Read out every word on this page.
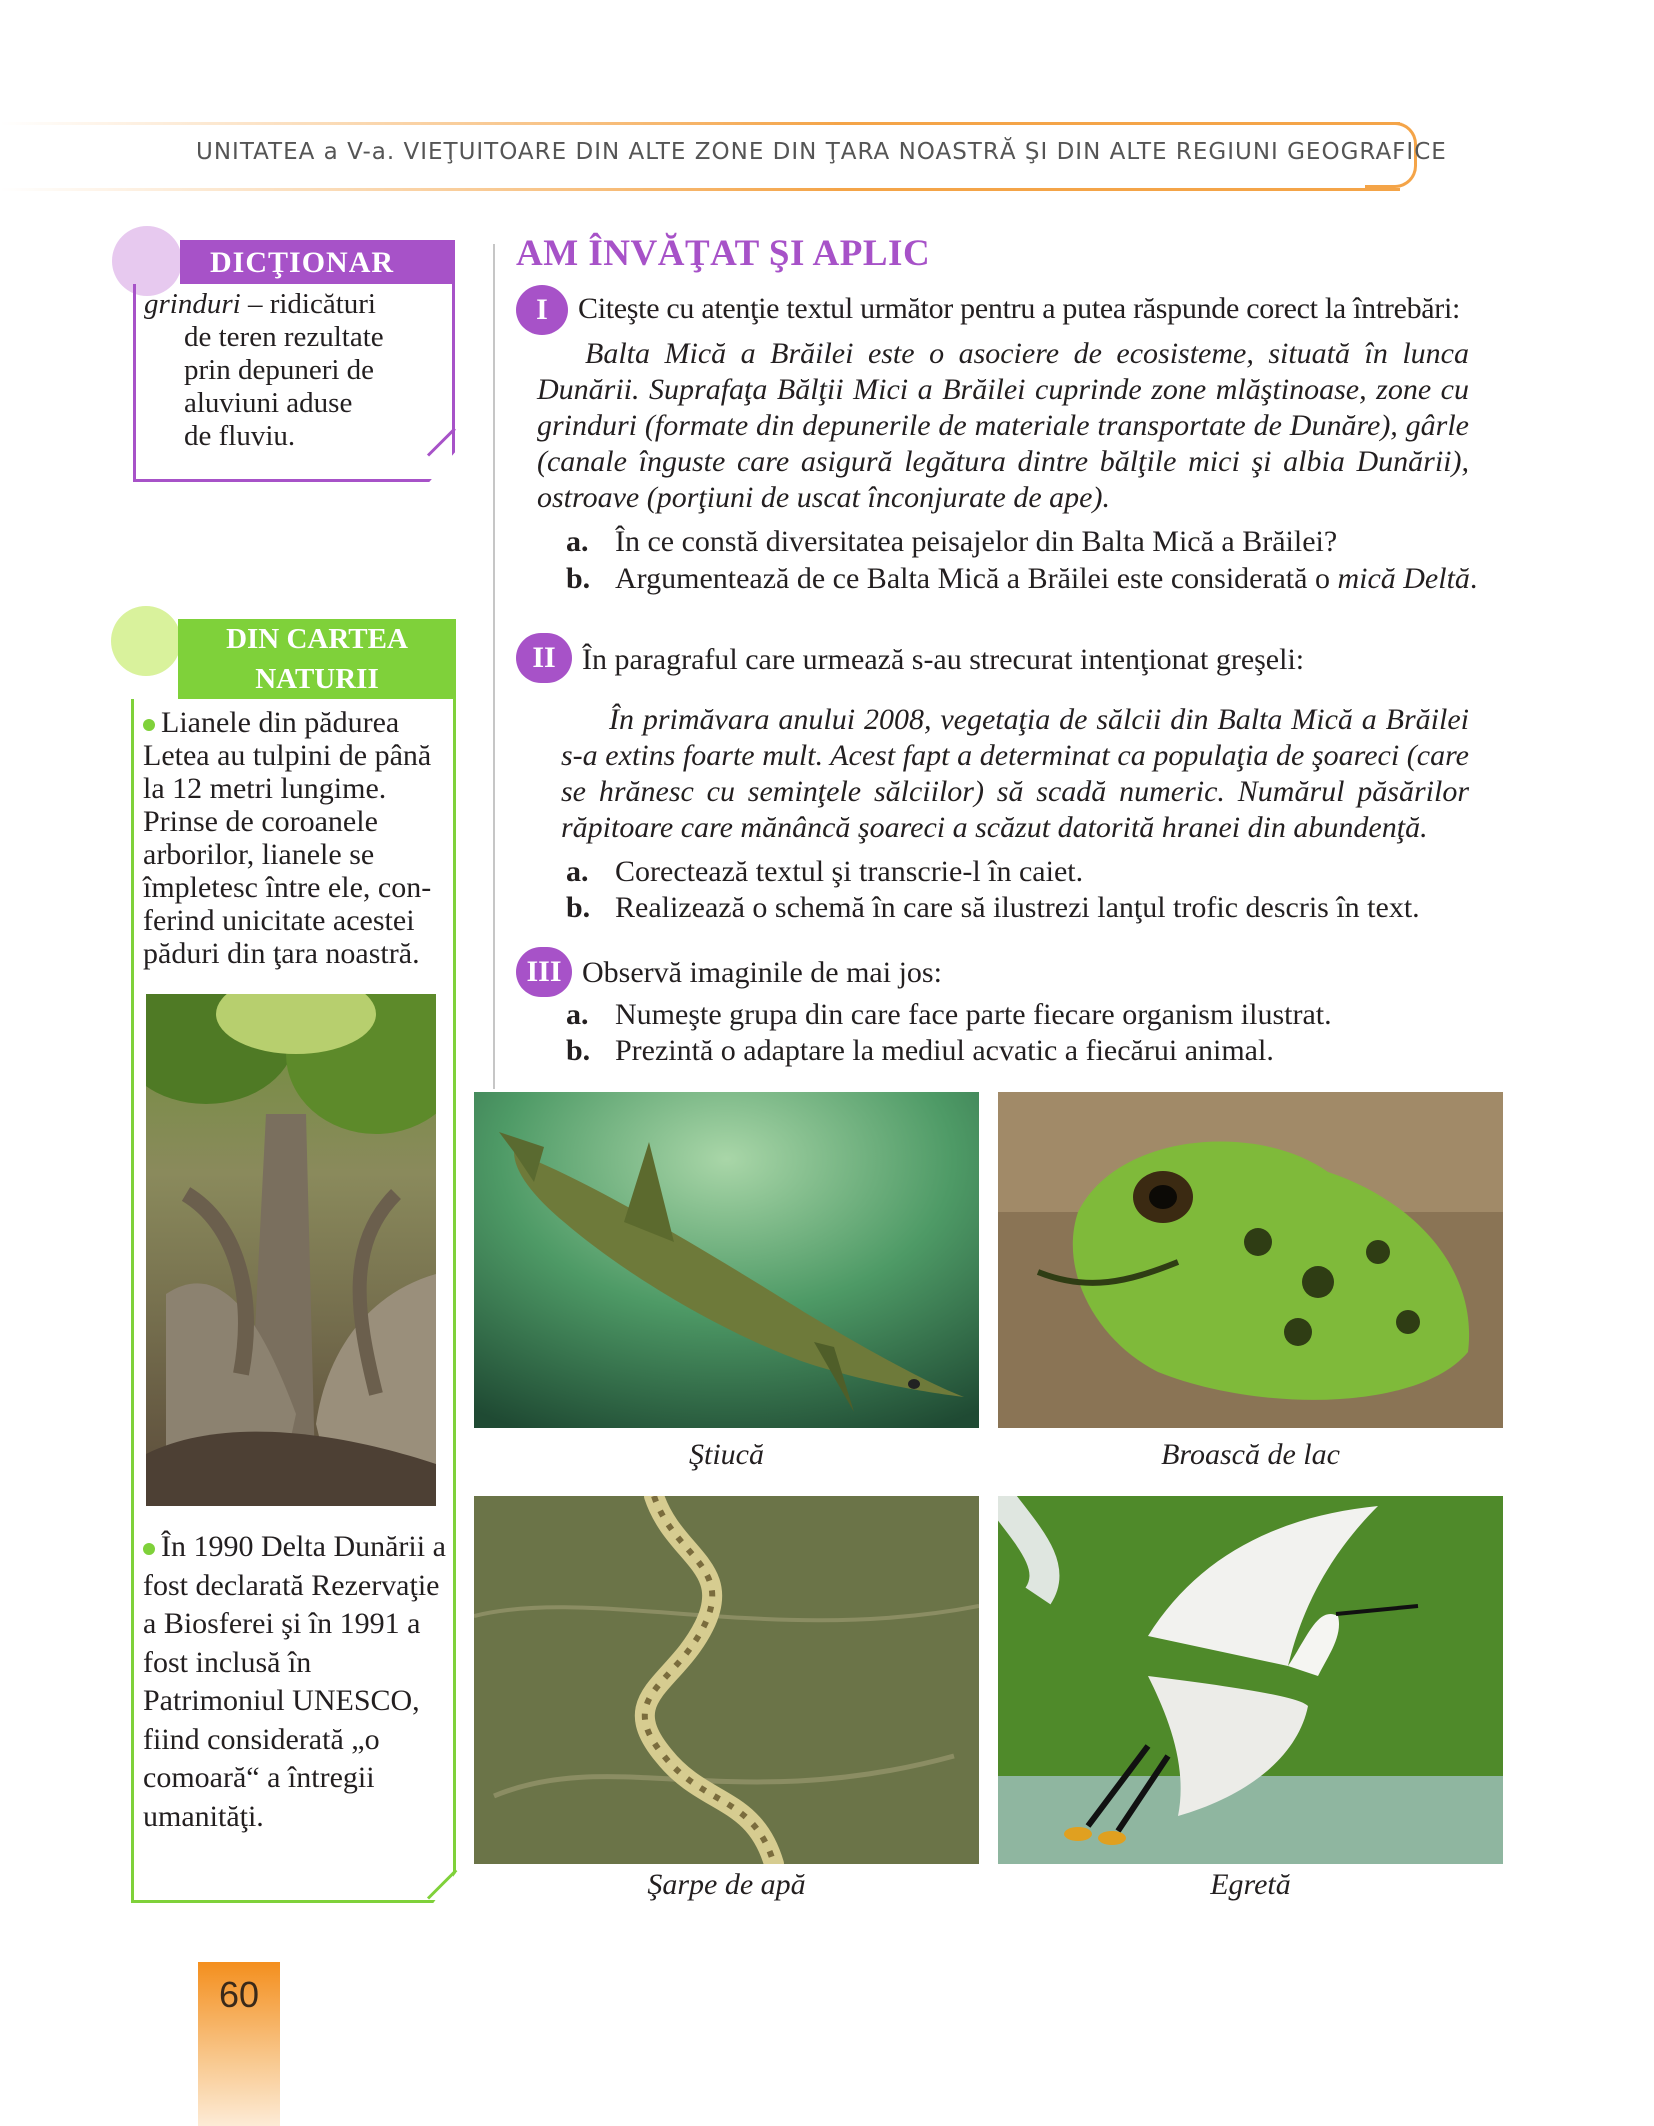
UNITATEA a V-a. VIEŢUITOARE DIN ALTE ZONE DIN ŢARA NOASTRĂ ŞI DIN ALTE REGIUNI GEOGRAFICE
DICŢIONAR
grinduri – ridicături
de teren rezultate
prin depuneri de
aluviuni aduse
de fluviu.
DIN CARTEA
NATURII
Lianele din pădurea Letea au tulpini de până la 12 metri lungime. Prinse de coroanele arborilor, lianele se împletesc între ele, con-ferind unicitate acestei păduri din ţara noastră.
În 1990 Delta Dunării a fost declarată Rezervaţie a Biosferei şi în 1991 a fost inclusă în Patrimoniul UNESCO, fiind considerată „o comoară“ a întregii umanităţi.
AM ÎNVĂŢAT ŞI APLIC
I	Citeşte cu atenţie textul următor pentru a putea răspunde corect la întrebări:
Balta Mică a Brăilei este o asociere de ecosisteme, situată în lunca Dunării. Suprafaţa Bălţii Mici a Brăilei cuprinde zone mlăştinoase, zone cu grinduri (formate din depunerile de materiale transportate de Dunăre), gârle (canale înguste care asigură legătura dintre bălţile mici şi albia Dunării), ostroave (porţiuni de uscat înconjurate de ape).
a. În ce constă diversitatea peisajelor din Balta Mică a Brăilei?
b. Argumentează de ce Balta Mică a Brăilei este considerată o mică Deltă.
II În paragraful care urmează s-au strecurat intenţionat greşeli:
În primăvara anului 2008, vegetaţia de sălcii din Balta Mică a Brăilei s-a extins foarte mult. Acest fapt a determinat ca populaţia de şoareci (care se hrănesc cu seminţele sălciilor) să scadă numeric. Numărul păsărilor răpitoare care mănâncă şoareci a scăzut datorită hranei din abundenţă.
a. Corectează textul şi transcrie-l în caiet.
b. Realizează o schemă în care să ilustrezi lanţul trofic descris în text.
III Observă imaginile de mai jos:
a. Numeşte grupa din care face parte fiecare organism ilustrat.
b. Prezintă o adaptare la mediul acvatic a fiecărui animal.
Ştiucă	Broască de lac
Şarpe de apă	Egretă
60
